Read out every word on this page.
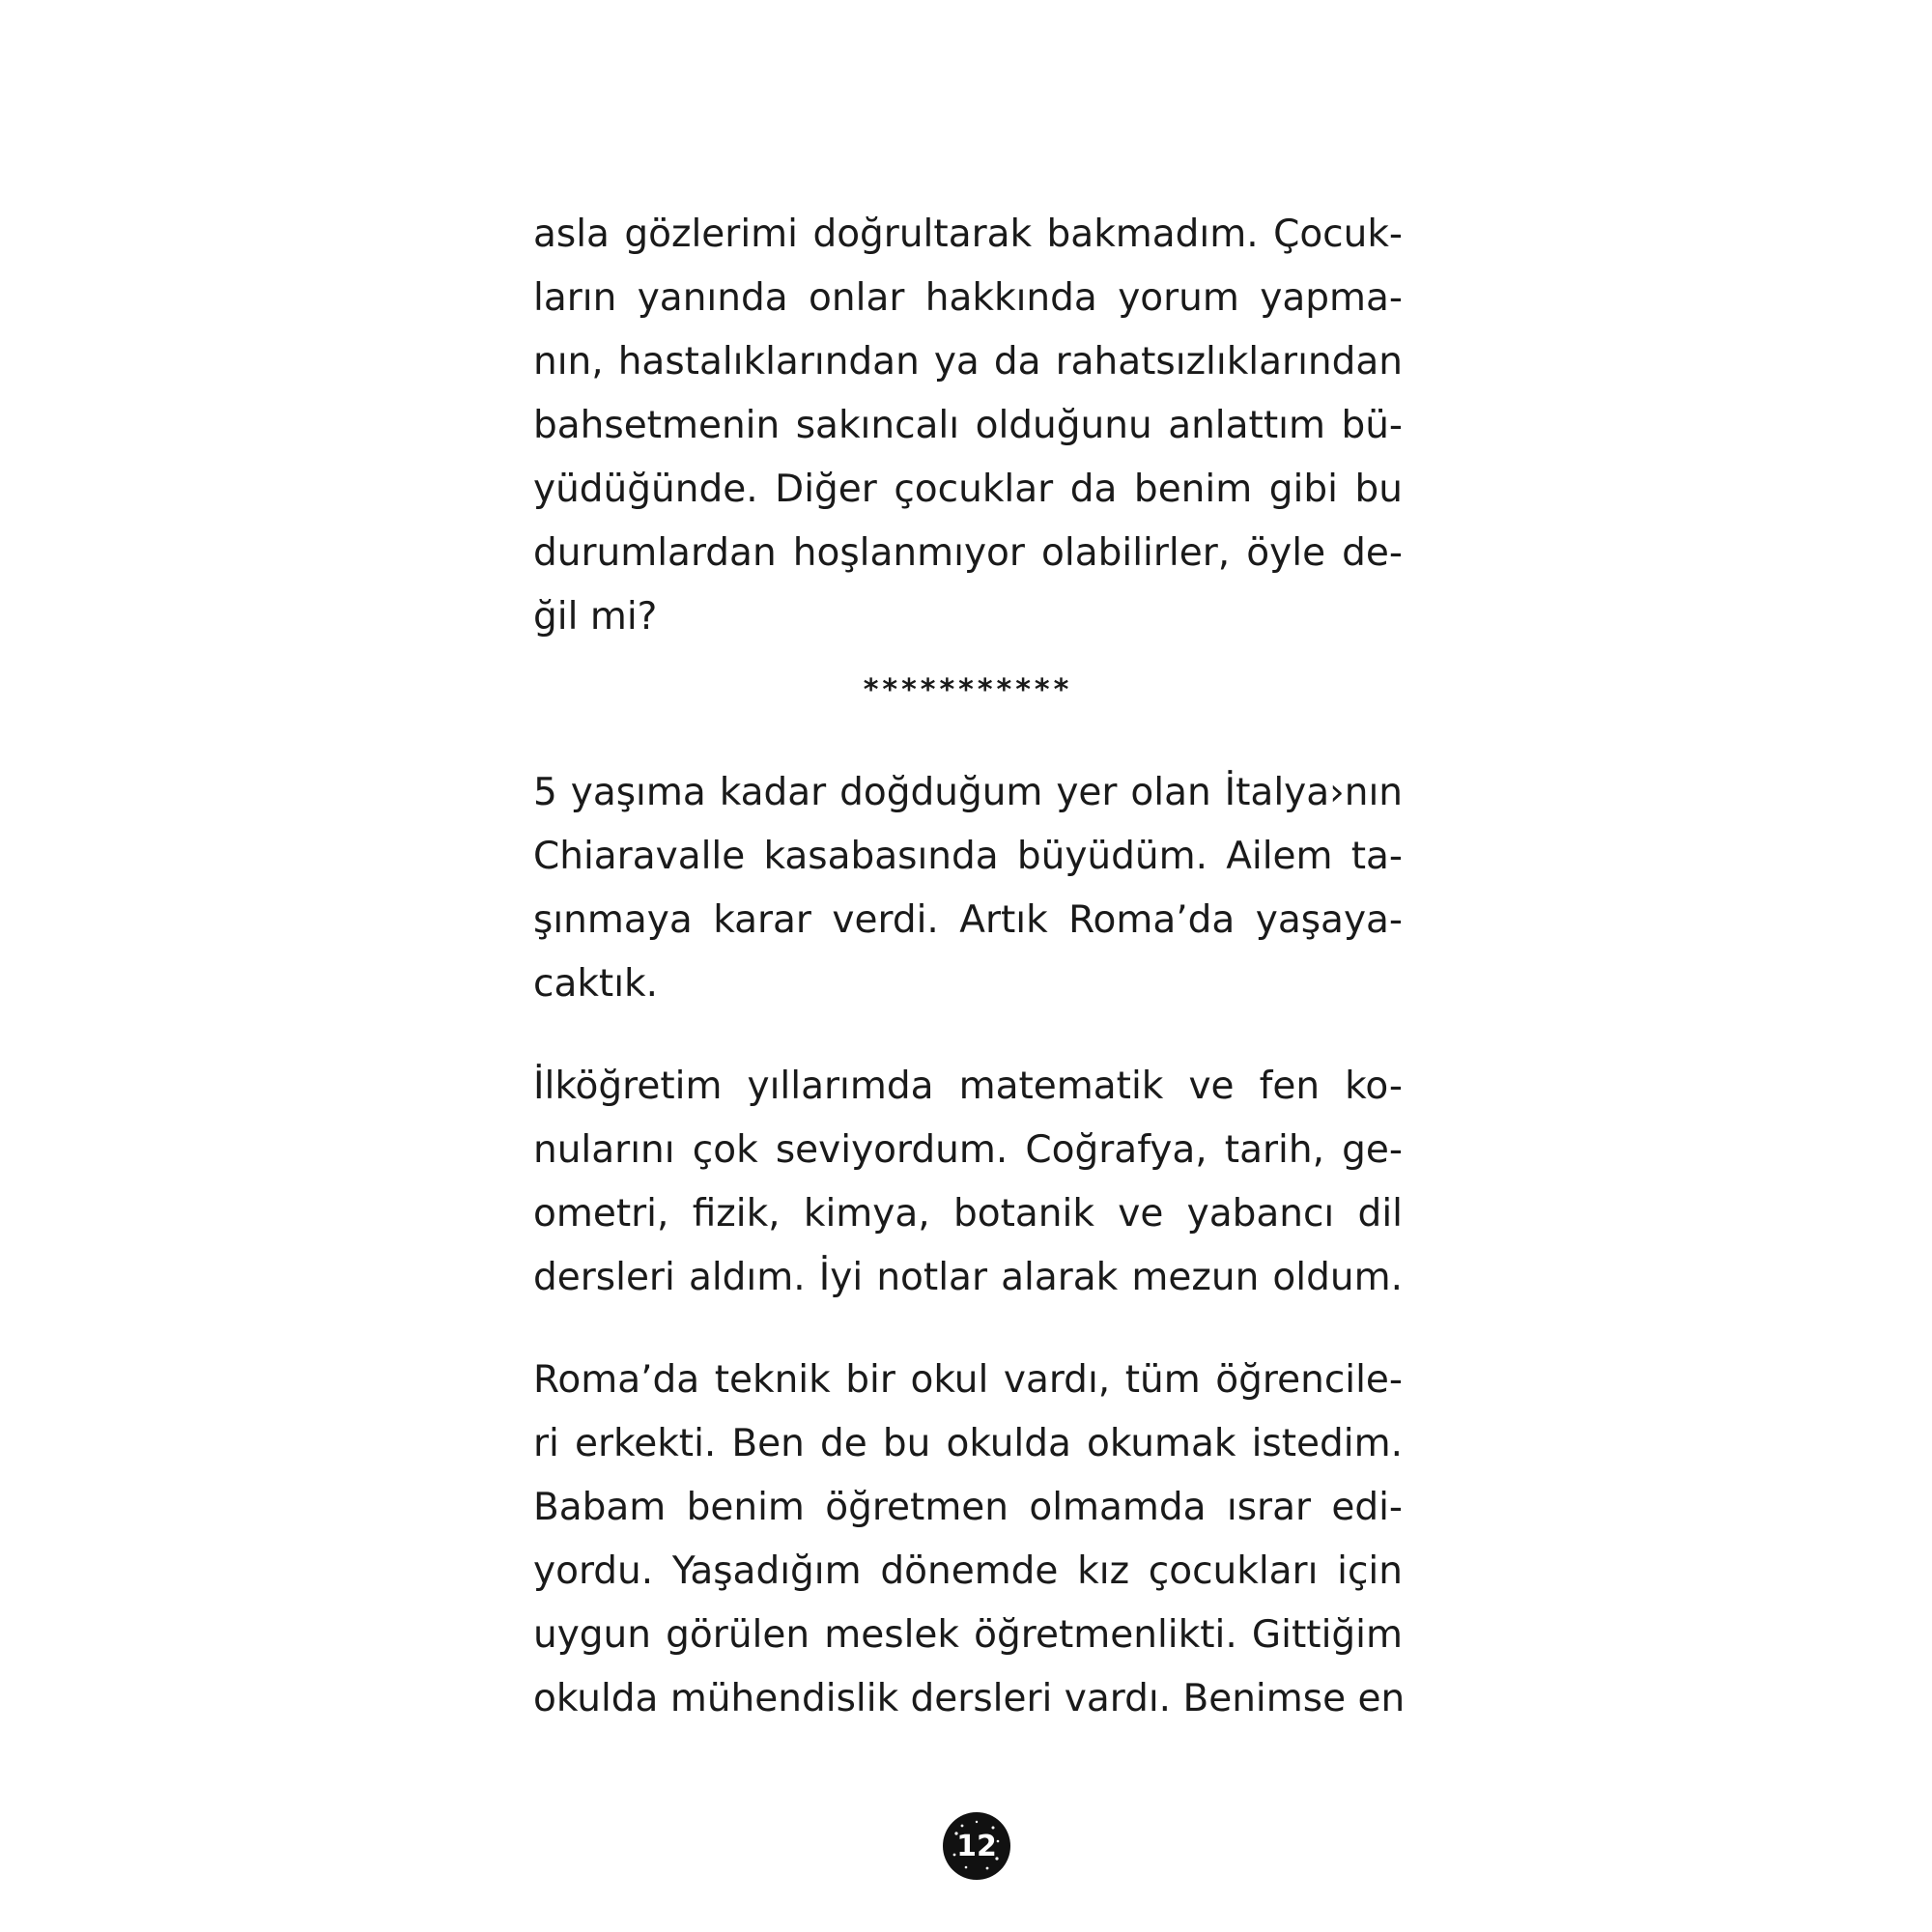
asla gözlerimi doğrultarak bakmadım. Çocuk-
ların yanında onlar hakkında yorum yapma-
nın, hastalıklarından ya da rahatsızlıklarından
bahsetmenin sakıncalı olduğunu anlattım bü-
yüdüğünde. Diğer çocuklar da benim gibi bu
durumlardan hoşlanmıyor olabilirler, öyle de-
ğil mi?

***********

5 yaşıma kadar doğduğum yer olan İtalya›nın
Chiaravalle kasabasında büyüdüm. Ailem ta-
şınmaya karar verdi. Artık Roma’da yaşaya-
caktık.

İlköğretim yıllarımda matematik ve fen ko-
nularını çok seviyordum. Coğrafya, tarih, ge-
ometri, fizik, kimya, botanik ve yabancı dil
dersleri aldım. İyi notlar alarak mezun oldum.

Roma’da teknik bir okul vardı, tüm öğrencile-
ri erkekti. Ben de bu okulda okumak istedim.
Babam benim öğretmen olmamda ısrar edi-
yordu. Yaşadığım dönemde kız çocukları için
uygun görülen meslek öğretmenlikti. Gittiğim
okulda mühendislik dersleri vardı. Benimse en

12
